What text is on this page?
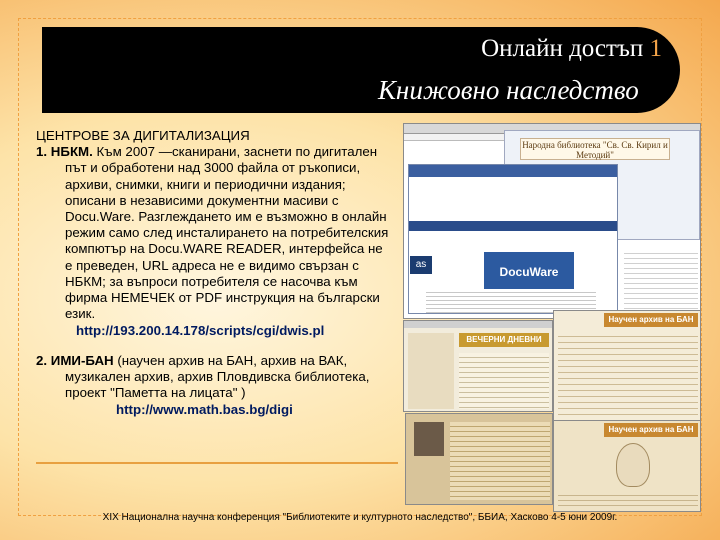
Онлайн достъп 1
Книжовно наследство
ЦЕНТРОВЕ ЗА ДИГИТАЛИЗАЦИЯ
1. НБКМ. Към 2007 —сканирани, заснети по дигитален път и обработени над 3000 файла от ръкописи, архиви, снимки, книги и периодични издания; описани в независими документни масиви с Docu.Ware. Разглеждането им е възможно в онлайн режим само след инсталирането на потребителския компютър на Docu.WARE READER, интерфейса не е преведен, URL адреса не е видимо свързан с НБКМ; за въпроси потребителя се насочва към фирма НЕМЕЧЕК от PDF инструкция на български език.
http://193.200.14.178/scripts/cgi/dwis.pl
2. ИМИ-БАН (научен архив на БАН, архив на ВАК, музикален архив, архив Пловдивска библиотека, проект "Паметта на лицата" )
http://www.math.bas.bg/digi
Народна библиотека "Св. Св. Кирил и Методий"
as
DocuWare
Научен архив на БАН
ВЕЧЕРНИ ДНЕВНИ
Научен архив на БАН
XIX Национална научна конференция "Библиотеките и културното наследство", ББИА, Хасково 4-5 юни 2009г.
